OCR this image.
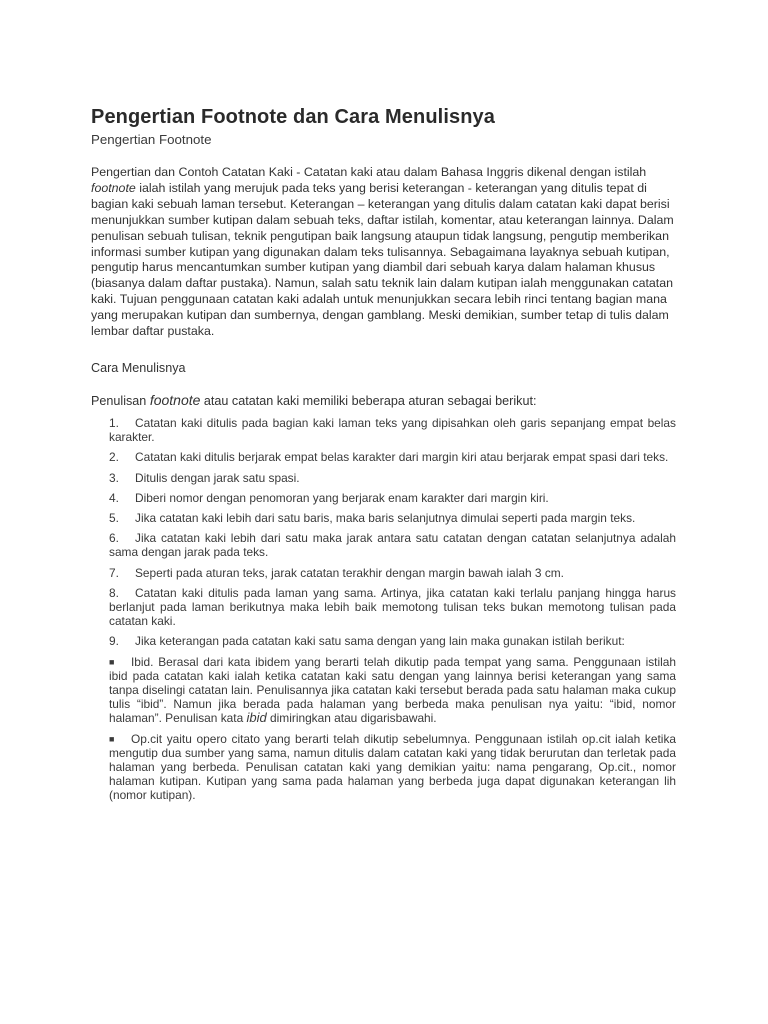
Pengertian Footnote dan Cara Menulisnya
Pengertian Footnote

Pengertian dan Contoh Catatan Kaki - Catatan kaki atau dalam Bahasa Inggris dikenal dengan istilah footnote ialah istilah yang merujuk pada teks yang berisi keterangan - keterangan yang ditulis tepat di bagian kaki sebuah laman tersebut. Keterangan – keterangan yang ditulis dalam catatan kaki dapat berisi menunjukkan sumber kutipan dalam sebuah teks, daftar istilah, komentar, atau keterangan lainnya. Dalam penulisan sebuah tulisan, teknik pengutipan baik langsung ataupun tidak langsung, pengutip memberikan informasi sumber kutipan yang digunakan dalam teks tulisannya. Sebagaimana layaknya sebuah kutipan, pengutip harus mencantumkan sumber kutipan yang diambil dari sebuah karya dalam halaman khusus (biasanya dalam daftar pustaka). Namun, salah satu teknik lain dalam kutipan ialah menggunakan catatan kaki. Tujuan penggunaan catatan kaki adalah untuk menunjukkan secara lebih rinci tentang bagian mana yang merupakan kutipan dan sumbernya, dengan gamblang. Meski demikian, sumber tetap di tulis dalam lembar daftar pustaka.

Cara Menulisnya
Penulisan footnote atau catatan kaki memiliki beberapa aturan sebagai berikut:
1. Catatan kaki ditulis pada bagian kaki laman teks yang dipisahkan oleh garis sepanjang empat belas karakter.
2. Catatan kaki ditulis berjarak empat belas karakter dari margin kiri atau berjarak empat spasi dari teks.
3. Ditulis dengan jarak satu spasi.
4. Diberi nomor dengan penomoran yang berjarak enam karakter dari margin kiri.
5. Jika catatan kaki lebih dari satu baris, maka baris selanjutnya dimulai seperti pada margin teks.
6. Jika catatan kaki lebih dari satu maka jarak antara satu catatan dengan catatan selanjutnya adalah sama dengan jarak pada teks.
7. Seperti pada aturan teks, jarak catatan terakhir dengan margin bawah ialah 3 cm.
8. Catatan kaki ditulis pada laman yang sama. Artinya, jika catatan kaki terlalu panjang hingga harus berlanjut pada laman berikutnya maka lebih baik memotong tulisan teks bukan memotong tulisan pada catatan kaki.
9. Jika keterangan pada catatan kaki satu sama dengan yang lain maka gunakan istilah berikut:
■ Ibid. Berasal dari kata ibidem yang berarti telah dikutip pada tempat yang sama. Penggunaan istilah ibid pada catatan kaki ialah ketika catatan kaki satu dengan yang lainnya berisi keterangan yang sama tanpa diselingi catatan lain. Penulisannya jika catatan kaki tersebut berada pada satu halaman maka cukup tulis “ibid”. Namun jika berada pada halaman yang berbeda maka penulisan nya yaitu: “ibid, nomor halaman”. Penulisan kata ibid dimiringkan atau digarisbawahi.
■ Op.cit yaitu opero citato yang berarti telah dikutip sebelumnya. Penggunaan istilah op.cit ialah ketika mengutip dua sumber yang sama, namun ditulis dalam catatan kaki yang tidak berurutan dan terletak pada halaman yang berbeda. Penulisan catatan kaki yang demikian yaitu: nama pengarang, Op.cit., nomor halaman kutipan. Kutipan yang sama pada halaman yang berbeda juga dapat digunakan keterangan lih (nomor kutipan).
